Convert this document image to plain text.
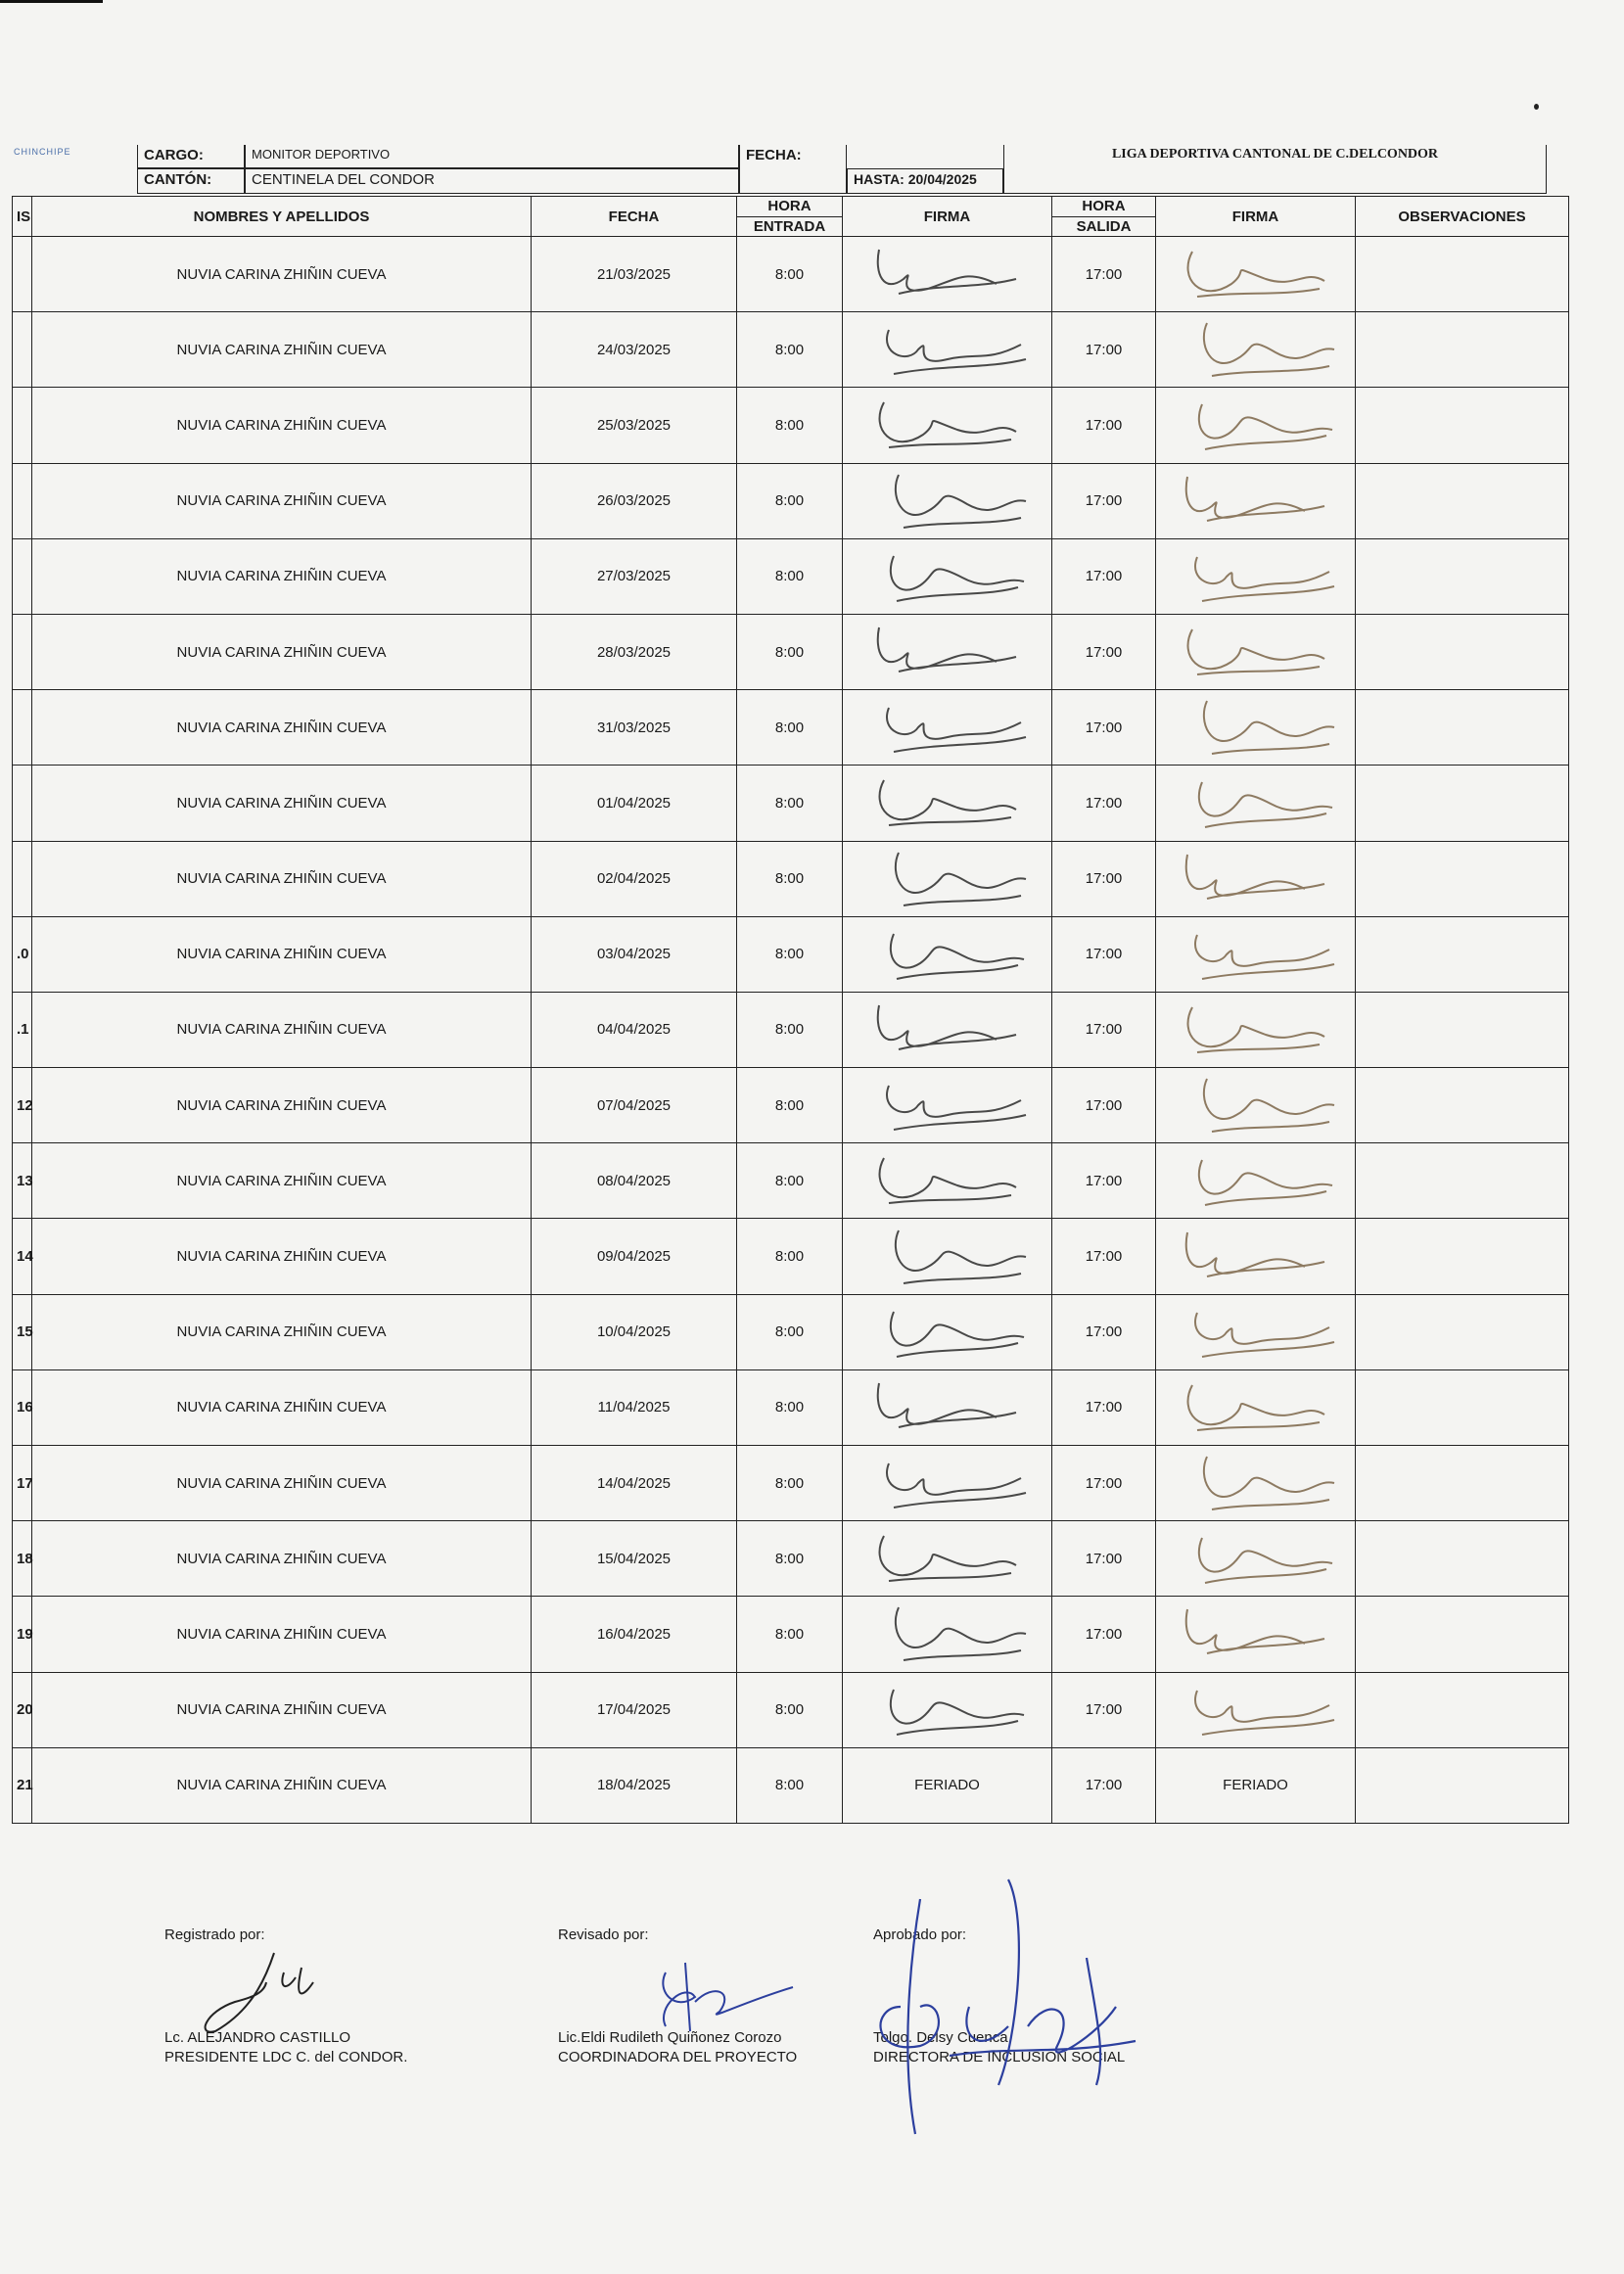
CHINCHIPE	CARGO:	MONITOR DEPORTIVO
CANTÓN:	CENTINELA DEL CONDOR
FECHA:
HASTA: 20/04/2025
LIGA DEPORTIVA CANTONAL DE C.DELCONDOR
IS	NOMBRES Y APELLIDOS	FECHA	HORA
ENTRADA	FIRMA	HORA
SALIDA	FIRMA	OBSERVACIONES
	NUVIA CARINA ZHIÑIN CUEVA	21/03/2025	8:00		17:00	

	NUVIA CARINA ZHIÑIN CUEVA	24/03/2025	8:00		17:00	

	NUVIA CARINA ZHIÑIN CUEVA	25/03/2025	8:00		17:00	

	NUVIA CARINA ZHIÑIN CUEVA	26/03/2025	8:00		17:00	

	NUVIA CARINA ZHIÑIN CUEVA	27/03/2025	8:00		17:00	

	NUVIA CARINA ZHIÑIN CUEVA	28/03/2025	8:00		17:00	

	NUVIA CARINA ZHIÑIN CUEVA	31/03/2025	8:00		17:00	

	NUVIA CARINA ZHIÑIN CUEVA	01/04/2025	8:00		17:00	

	NUVIA CARINA ZHIÑIN CUEVA	02/04/2025	8:00		17:00	

.0	NUVIA CARINA ZHIÑIN CUEVA	03/04/2025	8:00		17:00	

.1	NUVIA CARINA ZHIÑIN CUEVA	04/04/2025	8:00		17:00	

12	NUVIA CARINA ZHIÑIN CUEVA	07/04/2025	8:00		17:00	

13	NUVIA CARINA ZHIÑIN CUEVA	08/04/2025	8:00		17:00	

14	NUVIA CARINA ZHIÑIN CUEVA	09/04/2025	8:00		17:00	

15	NUVIA CARINA ZHIÑIN CUEVA	10/04/2025	8:00		17:00	

16	NUVIA CARINA ZHIÑIN CUEVA	11/04/2025	8:00		17:00	

17	NUVIA CARINA ZHIÑIN CUEVA	14/04/2025	8:00		17:00	

18	NUVIA CARINA ZHIÑIN CUEVA	15/04/2025	8:00		17:00	

19	NUVIA CARINA ZHIÑIN CUEVA	16/04/2025	8:00		17:00	

20	NUVIA CARINA ZHIÑIN CUEVA	17/04/2025	8:00		17:00	

21	NUVIA CARINA ZHIÑIN CUEVA	18/04/2025	8:00	FERIADO	17:00	FERIADO	
Registrado por:
Lc. ALEJANDRO CASTILLO
PRESIDENTE LDC C. del CONDOR.
Revisado por:
Lic.Eldi Rudileth Quiñonez Corozo
COORDINADORA DEL PROYECTO
Aprobado por:
Tolgo. Delsy Cuenca
DIRECTORA DE INCLUSION SOCIAL
